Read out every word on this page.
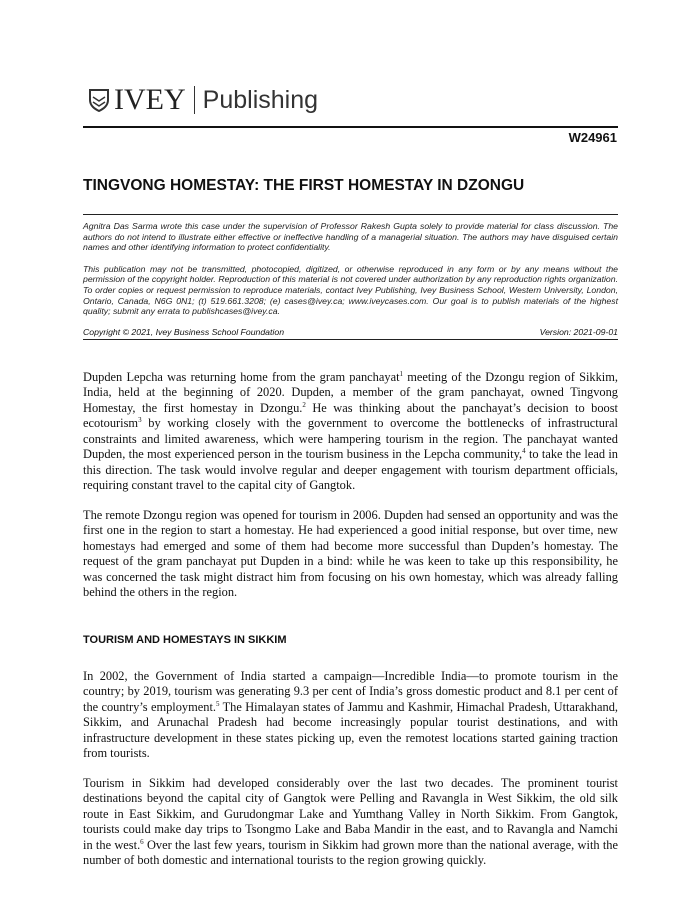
IVEY Publishing
W24961
TINGVONG HOMESTAY: THE FIRST HOMESTAY IN DZONGU
Agnitra Das Sarma wrote this case under the supervision of Professor Rakesh Gupta solely to provide material for class discussion. The authors do not intend to illustrate either effective or ineffective handling of a managerial situation. The authors may have disguised certain names and other identifying information to protect confidentiality.
This publication may not be transmitted, photocopied, digitized, or otherwise reproduced in any form or by any means without the permission of the copyright holder. Reproduction of this material is not covered under authorization by any reproduction rights organization. To order copies or request permission to reproduce materials, contact Ivey Publishing, Ivey Business School, Western University, London, Ontario, Canada, N6G 0N1; (t) 519.661.3208; (e) cases@ivey.ca; www.iveycases.com. Our goal is to publish materials of the highest quality; submit any errata to publishcases@ivey.ca.
Copyright © 2021, Ivey Business School Foundation	Version: 2021-09-01

Dupden Lepcha was returning home from the gram panchayat$^1$ meeting of the Dzongu region of Sikkim, India, held at the beginning of 2020. Dupden, a member of the gram panchayat, owned Tingvong Homestay, the first homestay in Dzongu.$^2$ He was thinking about the panchayat’s decision to boost ecotourism$^3$ by working closely with the government to overcome the bottlenecks of infrastructural constraints and limited awareness, which were hampering tourism in the region. The panchayat wanted Dupden, the most experienced person in the tourism business in the Lepcha community,$^4$ to take the lead in this direction. The task would involve regular and deeper engagement with tourism department officials, requiring constant travel to the capital city of Gangtok.

The remote Dzongu region was opened for tourism in 2006. Dupden had sensed an opportunity and was the first one in the region to start a homestay. He had experienced a good initial response, but over time, new homestays had emerged and some of them had become more successful than Dupden’s homestay. The request of the gram panchayat put Dupden in a bind: while he was keen to take up this responsibility, he was concerned the task might distract him from focusing on his own homestay, which was already falling behind the others in the region.

TOURISM AND HOMESTAYS IN SIKKIM

In 2002, the Government of India started a campaign—Incredible India—to promote tourism in the country; by 2019, tourism was generating 9.3 per cent of India’s gross domestic product and 8.1 per cent of the country’s employment.$^5$ The Himalayan states of Jammu and Kashmir, Himachal Pradesh, Uttarakhand, Sikkim, and Arunachal Pradesh had become increasingly popular tourist destinations, and with infrastructure development in these states picking up, even the remotest locations started gaining traction from tourists.

Tourism in Sikkim had developed considerably over the last two decades. The prominent tourist destinations beyond the capital city of Gangtok were Pelling and Ravangla in West Sikkim, the old silk route in East Sikkim, and Gurudongmar Lake and Yumthang Valley in North Sikkim. From Gangtok, tourists could make day trips to Tsongmo Lake and Baba Mandir in the east, and to Ravangla and Namchi in the west.$^6$ Over the last few years, tourism in Sikkim had grown more than the national average, with the number of both domestic and international tourists to the region growing quickly.
